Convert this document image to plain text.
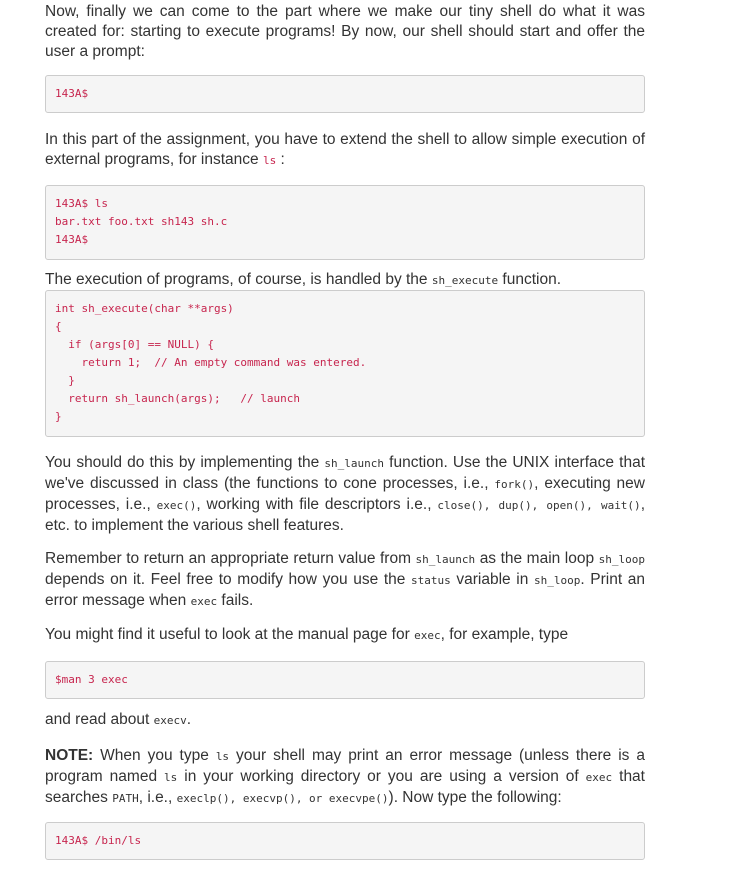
Now, finally we can come to the part where we make our tiny shell do what it was created for: starting to execute programs! By now, our shell should start and offer the user a prompt:

143A$

In this part of the assignment, you have to extend the shell to allow simple execution of external programs, for instance ls :

143A$ ls
bar.txt foo.txt sh143 sh.c
143A$

The execution of programs, of course, is handled by the sh_execute function.

int sh_execute(char **args)
{
if (args[0] == NULL) {
return 1;  // An empty command was entered.
}
return sh_launch(args);   // launch
}

You should do this by implementing the sh_launch function. Use the UNIX interface that we've discussed in class (the functions to cone processes, i.e., fork(), executing new processes, i.e., exec(), working with file descriptors i.e., close(), dup(), open(), wait(), etc. to implement the various shell features.

Remember to return an appropriate return value from sh_launch as the main loop sh_loop depends on it. Feel free to modify how you use the status variable in sh_loop. Print an error message when exec fails.

You might find it useful to look at the manual page for exec, for example, type

$man 3 exec

and read about execv.

NOTE: When you type ls your shell may print an error message (unless there is a program named ls in your working directory or you are using a version of exec that searches PATH, i.e., execlp(), execvp(), or execvpe()). Now type the following:

143A$ /bin/ls
